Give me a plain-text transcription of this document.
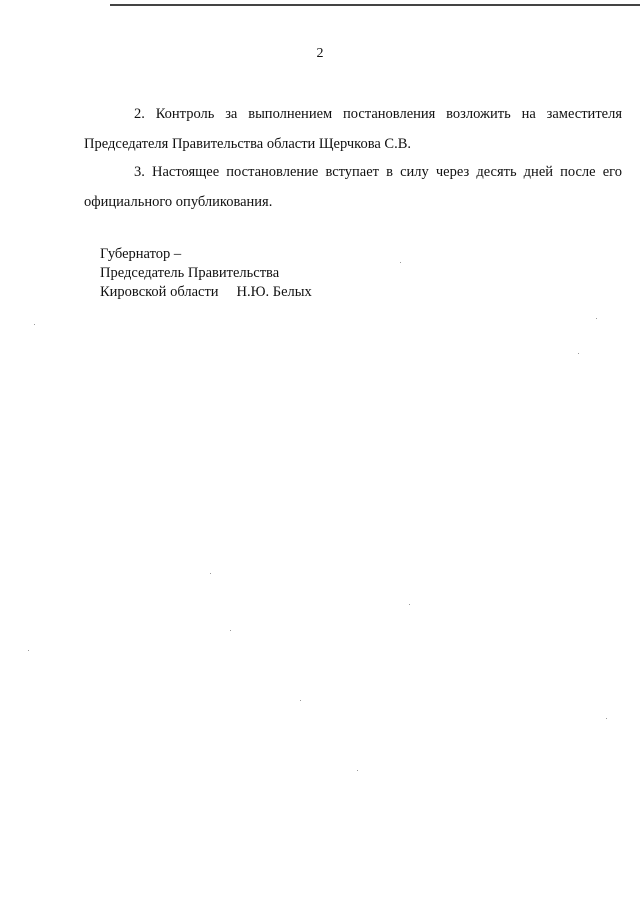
2
2. Контроль за выполнением постановления возложить на заместителя Председателя Правительства области Щерчкова С.В.
3. Настоящее постановление вступает в силу через десять дней после его официального опубликования.
Губернатор –
Председатель Правительства
Кировской области Н.Ю. Белых
